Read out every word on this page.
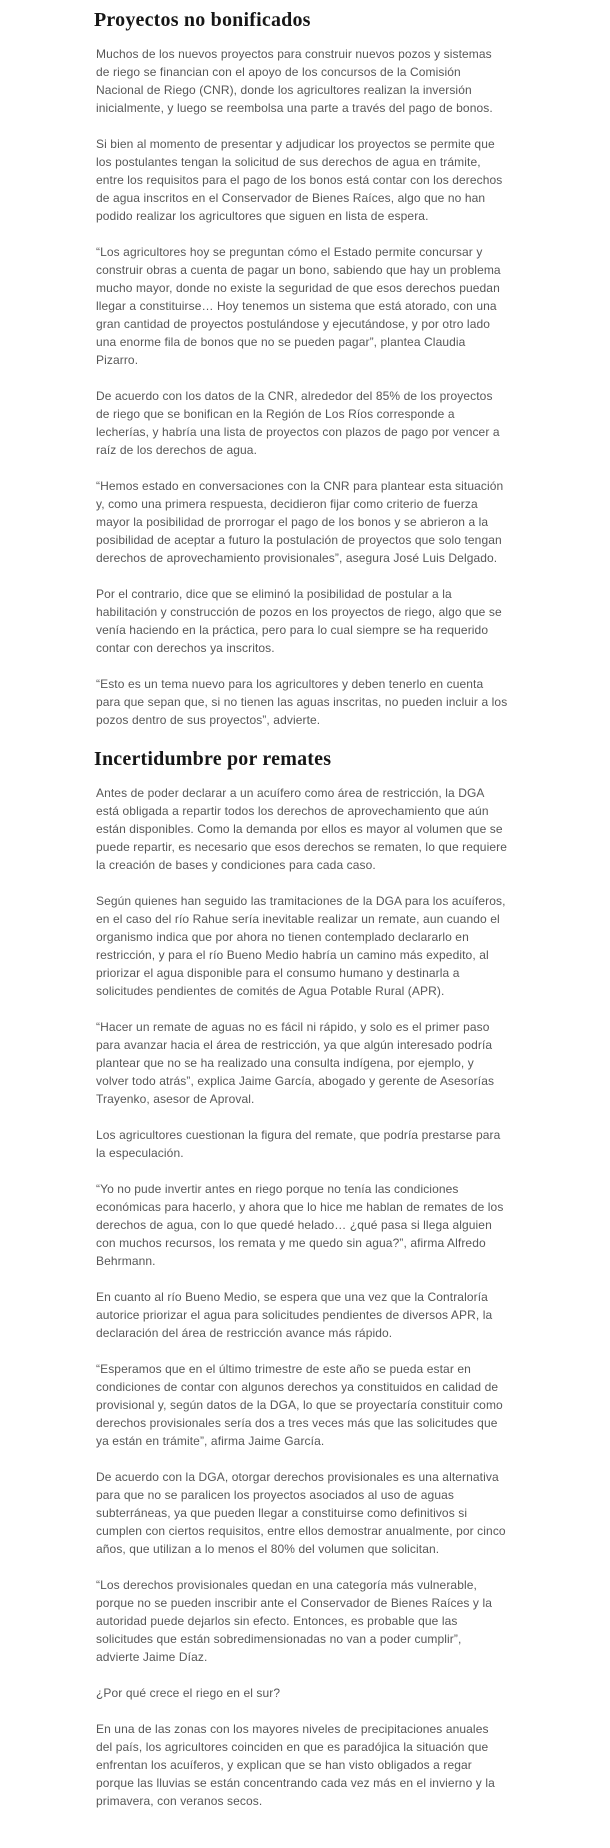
Proyectos no bonificados

Muchos de los nuevos proyectos para construir nuevos pozos y sistemas de riego se financian con el apoyo de los concursos de la Comisión Nacional de Riego (CNR), donde los agricultores realizan la inversión inicialmente, y luego se reembolsa una parte a través del pago de bonos.

Si bien al momento de presentar y adjudicar los proyectos se permite que los postulantes tengan la solicitud de sus derechos de agua en trámite, entre los requisitos para el pago de los bonos está contar con los derechos de agua inscritos en el Conservador de Bienes Raíces, algo que no han podido realizar los agricultores que siguen en lista de espera.

“Los agricultores hoy se preguntan cómo el Estado permite concursar y construir obras a cuenta de pagar un bono, sabiendo que hay un problema mucho mayor, donde no existe la seguridad de que esos derechos puedan llegar a constituirse… Hoy tenemos un sistema que está atorado, con una gran cantidad de proyectos postulándose y ejecutándose, y por otro lado una enorme fila de bonos que no se pueden pagar”, plantea Claudia Pizarro.

De acuerdo con los datos de la CNR, alrededor del 85% de los proyectos de riego que se bonifican en la Región de Los Ríos corresponde a lecherías, y habría una lista de proyectos con plazos de pago por vencer a raíz de los derechos de agua.

“Hemos estado en conversaciones con la CNR para plantear esta situación y, como una primera respuesta, decidieron fijar como criterio de fuerza mayor la posibilidad de prorrogar el pago de los bonos y se abrieron a la posibilidad de aceptar a futuro la postulación de proyectos que solo tengan derechos de aprovechamiento provisionales”, asegura José Luis Delgado.

Por el contrario, dice que se eliminó la posibilidad de postular a la habilitación y construcción de pozos en los proyectos de riego, algo que se venía haciendo en la práctica, pero para lo cual siempre se ha requerido contar con derechos ya inscritos.

“Esto es un tema nuevo para los agricultores y deben tenerlo en cuenta para que sepan que, si no tienen las aguas inscritas, no pueden incluir a los pozos dentro de sus proyectos”, advierte.

Incertidumbre por remates

Antes de poder declarar a un acuífero como área de restricción, la DGA está obligada a repartir todos los derechos de aprovechamiento que aún están disponibles. Como la demanda por ellos es mayor al volumen que se puede repartir, es necesario que esos derechos se rematen, lo que requiere la creación de bases y condiciones para cada caso.

Según quienes han seguido las tramitaciones de la DGA para los acuíferos, en el caso del río Rahue sería inevitable realizar un remate, aun cuando el organismo indica que por ahora no tienen contemplado declararlo en restricción, y para el río Bueno Medio habría un camino más expedito, al priorizar el agua disponible para el consumo humano y destinarla a solicitudes pendientes de comités de Agua Potable Rural (APR).

“Hacer un remate de aguas no es fácil ni rápido, y solo es el primer paso para avanzar hacia el área de restricción, ya que algún interesado podría plantear que no se ha realizado una consulta indígena, por ejemplo, y volver todo atrás”, explica Jaime García, abogado y gerente de Asesorías Trayenko, asesor de Aproval.

Los agricultores cuestionan la figura del remate, que podría prestarse para la especulación.

“Yo no pude invertir antes en riego porque no tenía las condiciones económicas para hacerlo, y ahora que lo hice me hablan de remates de los derechos de agua, con lo que quedé helado… ¿qué pasa si llega alguien con muchos recursos, los remata y me quedo sin agua?”, afirma Alfredo Behrmann.

En cuanto al río Bueno Medio, se espera que una vez que la Contraloría autorice priorizar el agua para solicitudes pendientes de diversos APR, la declaración del área de restricción avance más rápido.

“Esperamos que en el último trimestre de este año se pueda estar en condiciones de contar con algunos derechos ya constituidos en calidad de provisional y, según datos de la DGA, lo que se proyectaría constituir como derechos provisionales sería dos a tres veces más que las solicitudes que ya están en trámite”, afirma Jaime García.

De acuerdo con la DGA, otorgar derechos provisionales es una alternativa para que no se paralicen los proyectos asociados al uso de aguas subterráneas, ya que pueden llegar a constituirse como definitivos si cumplen con ciertos requisitos, entre ellos demostrar anualmente, por cinco años, que utilizan a lo menos el 80% del volumen que solicitan.

“Los derechos provisionales quedan en una categoría más vulnerable, porque no se pueden inscribir ante el Conservador de Bienes Raíces y la autoridad puede dejarlos sin efecto. Entonces, es probable que las solicitudes que están sobredimensionadas no van a poder cumplir”, advierte Jaime Díaz.

¿Por qué crece el riego en el sur?

En una de las zonas con los mayores niveles de precipitaciones anuales del país, los agricultores coinciden en que es paradójica la situación que enfrentan los acuíferos, y explican que se han visto obligados a regar porque las lluvias se están concentrando cada vez más en el invierno y la primavera, con veranos secos.
